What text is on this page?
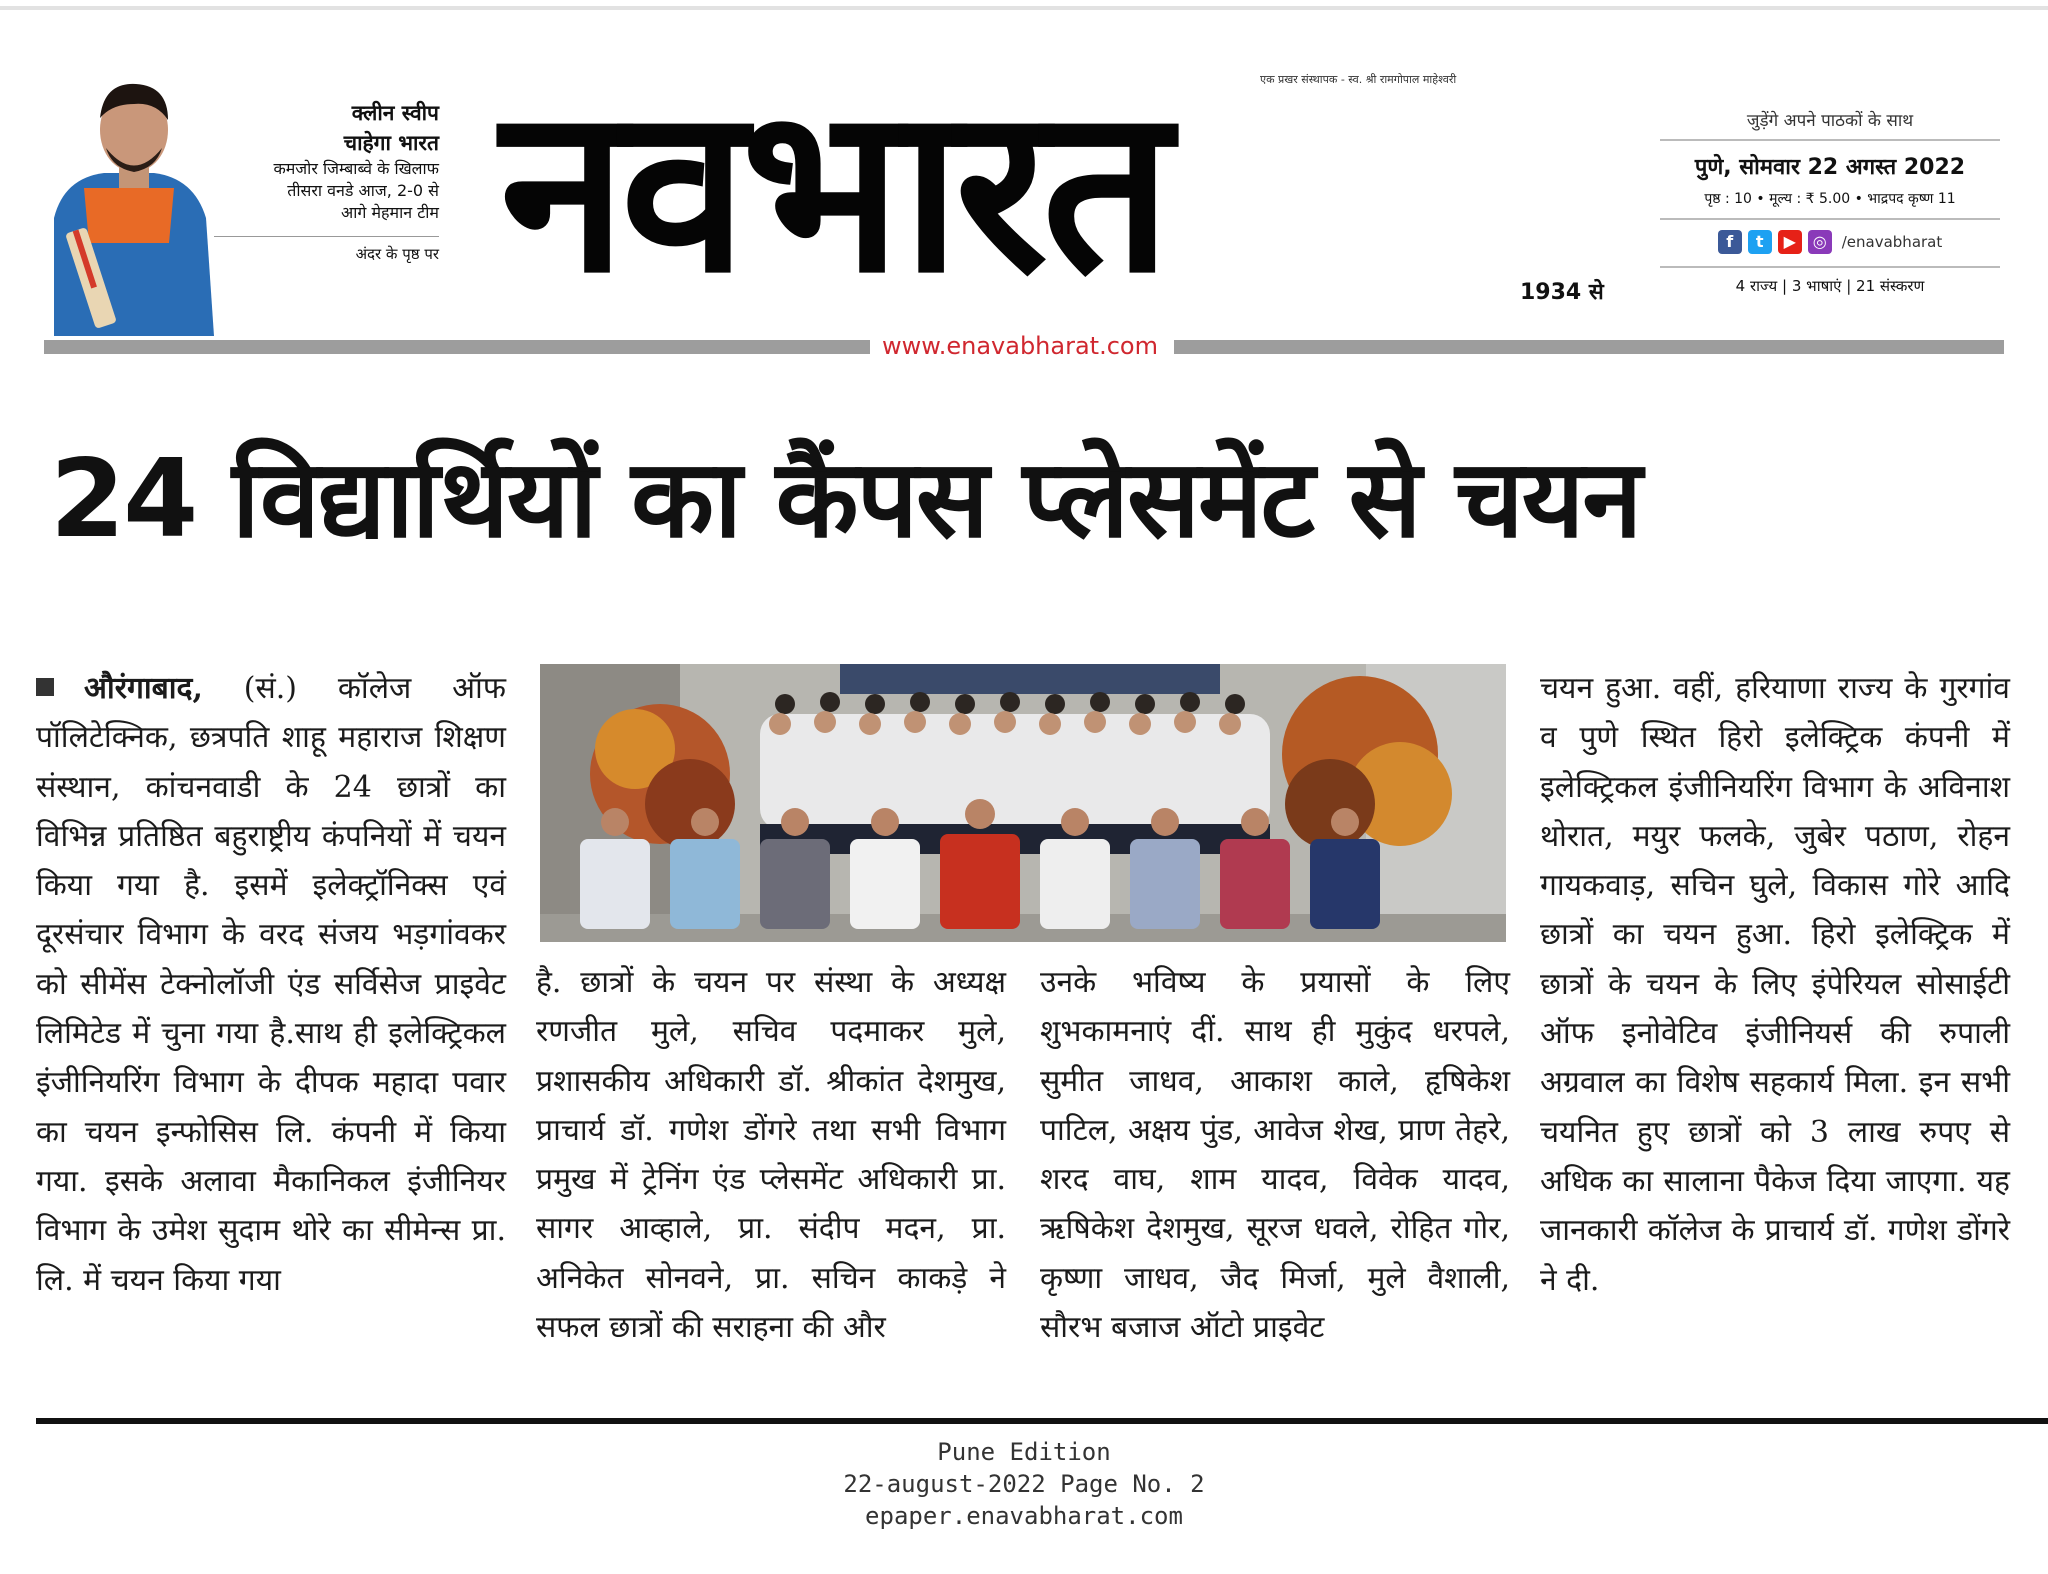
क्लीन स्वीप
चाहेगा भारत
कमजोर जिम्बाब्वे के खिलाफ
तीसरा वनडे आज, 2-0 से
आगे मेहमान टीम
अंदर के पृष्ठ पर
एक प्रखर संस्थापक - स्व. श्री रामगोपाल माहेश्वरी
नवभारत	1934 से
जुड़ेंगे अपने पाठकों के साथ
पुणे, सोमवार 22 अगस्त 2022
पृष्ठ : 10 • मूल्य : ₹ 5.00 • भाद्रपद कृष्ण 11
f	t	▶	◎	/enavabharat
4 राज्य | 3 भाषाएं | 21 संस्करण
www.enavabharat.com
24 विद्यार्थियों का कैंपस प्लेसमेंट से चयन

औरंगाबाद, (सं.) कॉलेज ऑफ पॉलिटेक्निक, छत्रपति शाहू महाराज शिक्षण संस्थान, कांचनवाडी के 24 छात्रों का विभिन्न प्रतिष्ठित बहुराष्ट्रीय कंपनियों में चयन किया गया है. इसमें इलेक्ट्रॉनिक्स एवं दूरसंचार विभाग के वरद संजय भड़गांवकर को सीमेंस टेक्नोलॉजी एंड सर्विसेज प्राइवेट लिमिटेड में चुना गया है.साथ ही इलेक्ट्रिकल इंजीनियरिंग विभाग के दीपक महादा पवार का चयन इन्फोसिस लि. कंपनी में किया गया. इसके अलावा मैकानिकल इंजीनियर विभाग के उमेश सुदाम थोरे का सीमेन्स प्रा. लि. में चयन किया गया

है. छात्रों के चयन पर संस्था के अध्यक्ष रणजीत मुले, सचिव पदमाकर मुले, प्रशासकीय अधिकारी डॉ. श्रीकांत देशमुख, प्राचार्य डॉ. गणेश डोंगरे तथा सभी विभाग प्रमुख में ट्रेनिंग एंड प्लेसमेंट अधिकारी प्रा. सागर आव्हाले, प्रा. संदीप मदन, प्रा. अनिकेत सोनवने, प्रा. सचिन काकड़े ने सफल छात्रों की सराहना की और

उनके भविष्य के प्रयासों के लिए शुभकामनाएं दीं. साथ ही मुकुंद धरपले, सुमीत जाधव, आकाश काले, हृषिकेश पाटिल, अक्षय पुंड, आवेज शेख, प्राण तेहरे, शरद वाघ, शाम यादव, विवेक यादव, ऋषिकेश देशमुख, सूरज धवले, रोहित गोर, कृष्णा जाधव, जैद मिर्जा, मुले वैशाली, सौरभ बजाज ऑटो प्राइवेट

चयन हुआ. वहीं, हरियाणा राज्य के गुरगांव व पुणे स्थित हिरो इलेक्ट्रिक कंपनी में इलेक्ट्रिकल इंजीनियरिंग विभाग के अविनाश थोरात, मयुर फलके, जुबेर पठाण, रोहन गायकवाड़, सचिन घुले, विकास गोरे आदि छात्रों का चयन हुआ. हिरो इलेक्ट्रिक में छात्रों के चयन के लिए इंपेरियल सोसाईटी ऑफ इनोवेटिव इंजीनियर्स की रुपाली अग्रवाल का विशेष सहकार्य मिला. इन सभी चयनित हुए छात्रों को 3 लाख रुपए से अधिक का सालाना पैकेज दिया जाएगा. यह जानकारी कॉलेज के प्राचार्य डॉ. गणेश डोंगरे ने दी.

Pune Edition
22-august-2022 Page No. 2
epaper.enavabharat.com
